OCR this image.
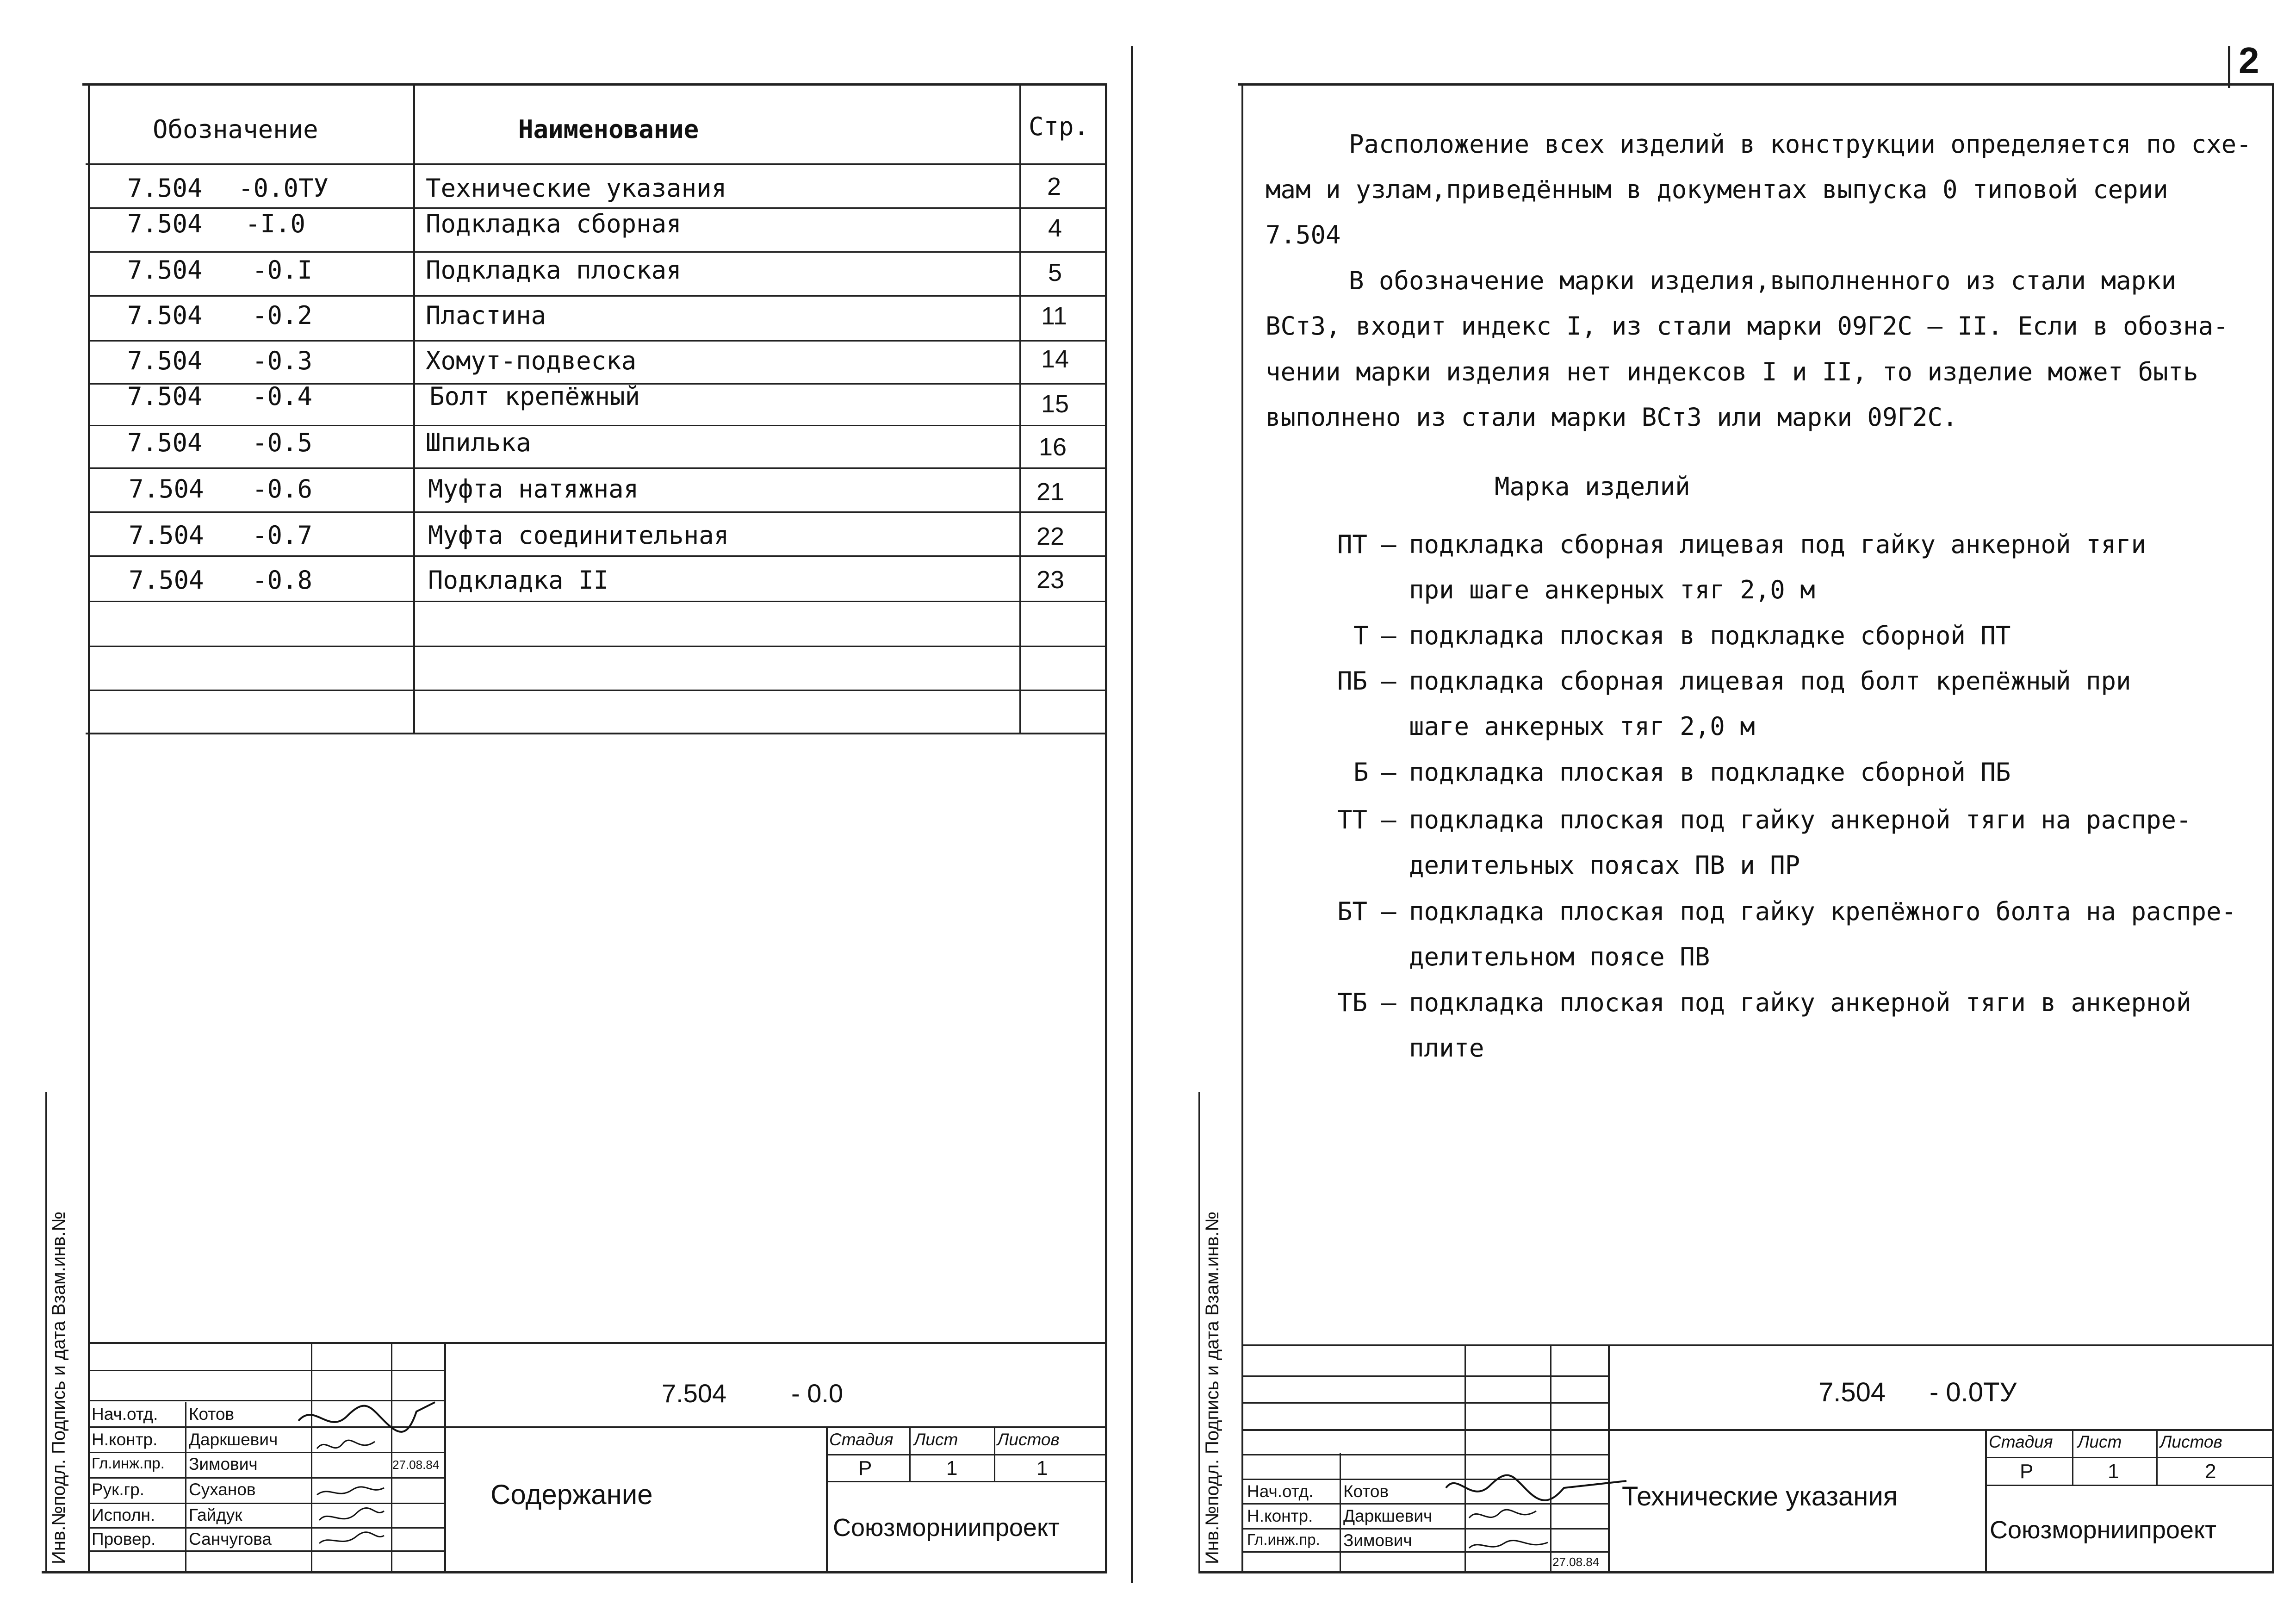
2
Обозначение	Наименование	Стр.
7.504 -0.0ТУ	Технические указания	2
7.504 -I.0	Подкладка сборная	4
7.504 -0.I	Подкладка плоская	5
7.504 -0.2	Пластина	11
7.504 -0.3	Хомут-подвеска	14
7.504 -0.4	Болт крепёжный	15
7.504 -0.5	Шпилька	16
7.504 -0.6	Муфта натяжная	21
7.504 -0.7	Муфта соединительная	22
7.504 -0.8	Подкладка II	23
Инв.№подл. Подпись и дата Взам.инв.№	7.504 - 0.0
Содержание
Стадия Лист Листов
Р	1	1
Союзморниипроект
27.08.84
Нач.отд. Котов
Н.контр. Даркшевич
Гл.инж.пр. Зимович
Рук.гр.	Суханов
Исполн. Гайдук
Провер. Санчугова
Расположение всех изделий в конструкции определяется по схе-
мам и узлам,приведённым в документах выпуска 0 типовой серии
7.504
В обозначение марки изделия,выполненного из стали марки
ВСт3, входит индекс I, из стали марки 09Г2С – II. Если в обозна-
чении марки изделия нет индексов I и II, то изделие может быть
выполнено из стали марки ВСт3 или марки 09Г2С.
Марка изделий
ПТ – подкладка сборная лицевая под гайку анкерной тяги
при шаге анкерных тяг 2,0 м
Т – подкладка плоская в подкладке сборной ПТ
ПБ – подкладка сборная лицевая под болт крепёжный при
шаге анкерных тяг 2,0 м
Б – подкладка плоская в подкладке сборной ПБ
ТТ – подкладка плоская под гайку анкерной тяги на распре-
делительных поясах ПВ и ПР
БТ – подкладка плоская под гайку крепёжного болта на распре-
делительном поясе ПВ
ТБ – подкладка плоская под гайку анкерной тяги в анкерной
плите
Инв.№подл. Подпись и дата Взам.инв.№	7.504 - 0.0ТУ
Технические указания
Стадия Лист Листов
Р	1	2
Союзморниипроект
27.08.84
Нач.отд. Котов
Н.контр. Даркшевич
Гл.инж.пр. Зимович
